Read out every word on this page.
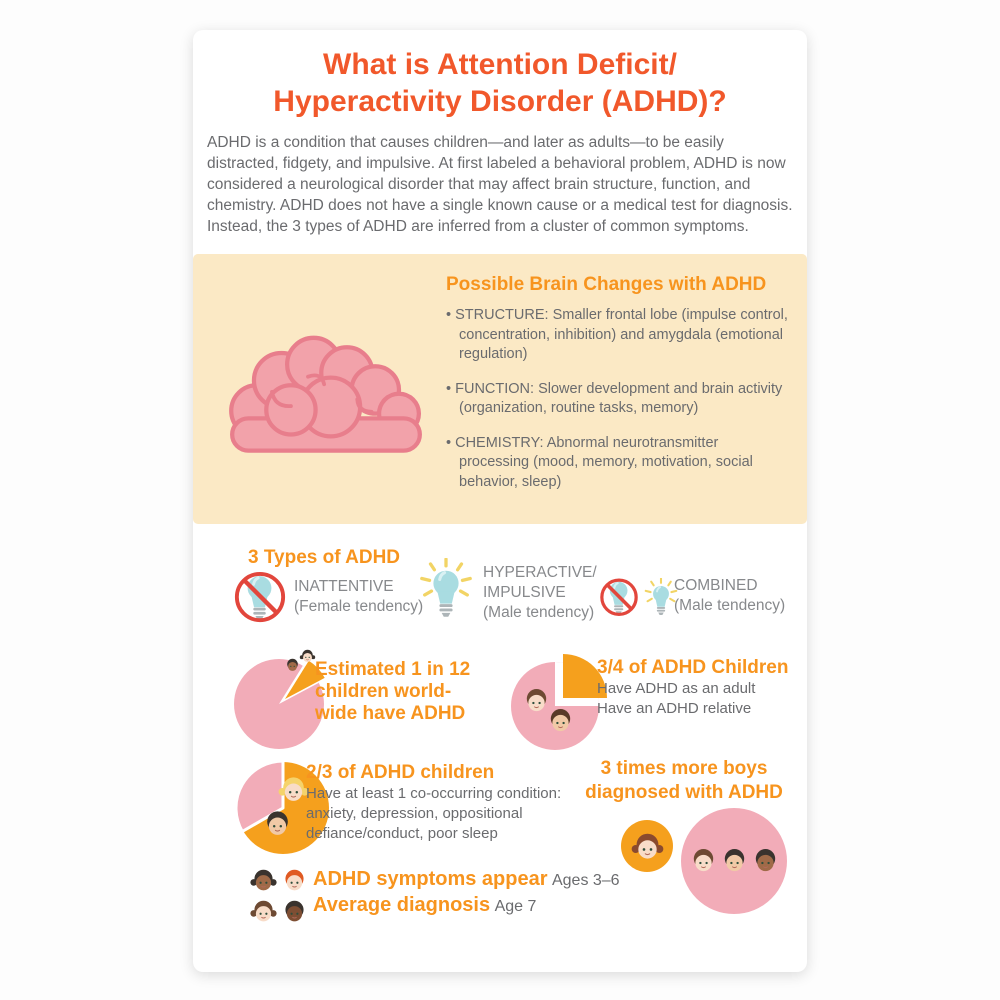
What is Attention Deficit/
Hyperactivity Disorder (ADHD)?
ADHD is a condition that causes children—and later as adults—to be easily distracted, fidgety, and impulsive. At first labeled a behavioral problem, ADHD is now considered a neurological disorder that may affect brain structure, function, and chemistry. ADHD does not have a single known cause or a medical test for diagnosis. Instead, the 3 types of ADHD are inferred from a cluster of common symptoms.
Possible Brain Changes with ADHD
• STRUCTURE: Smaller frontal lobe (impulse control, concentration, inhibition) and amygdala (emotional regulation)
• FUNCTION: Slower development and brain activity (organization, routine tasks, memory)
• CHEMISTRY: Abnormal neurotransmitter processing (mood, memory, motivation, social behavior, sleep)
3 Types of ADHD
INATTENTIVE
(Female tendency)
HYPERACTIVE/
IMPULSIVE
(Male tendency)
COMBINED
(Male tendency)
Estimated 1 in 12
children world-
wide have ADHD
3/4 of ADHD Children
Have ADHD as an adult
Have an ADHD relative
2/3 of ADHD children
Have at least 1 co-occurring condition:
anxiety, depression, oppositional
defiance/conduct, poor sleep
3 times more boys
diagnosed with ADHD
ADHD symptoms appear Ages 3–6
Average diagnosis Age 7
